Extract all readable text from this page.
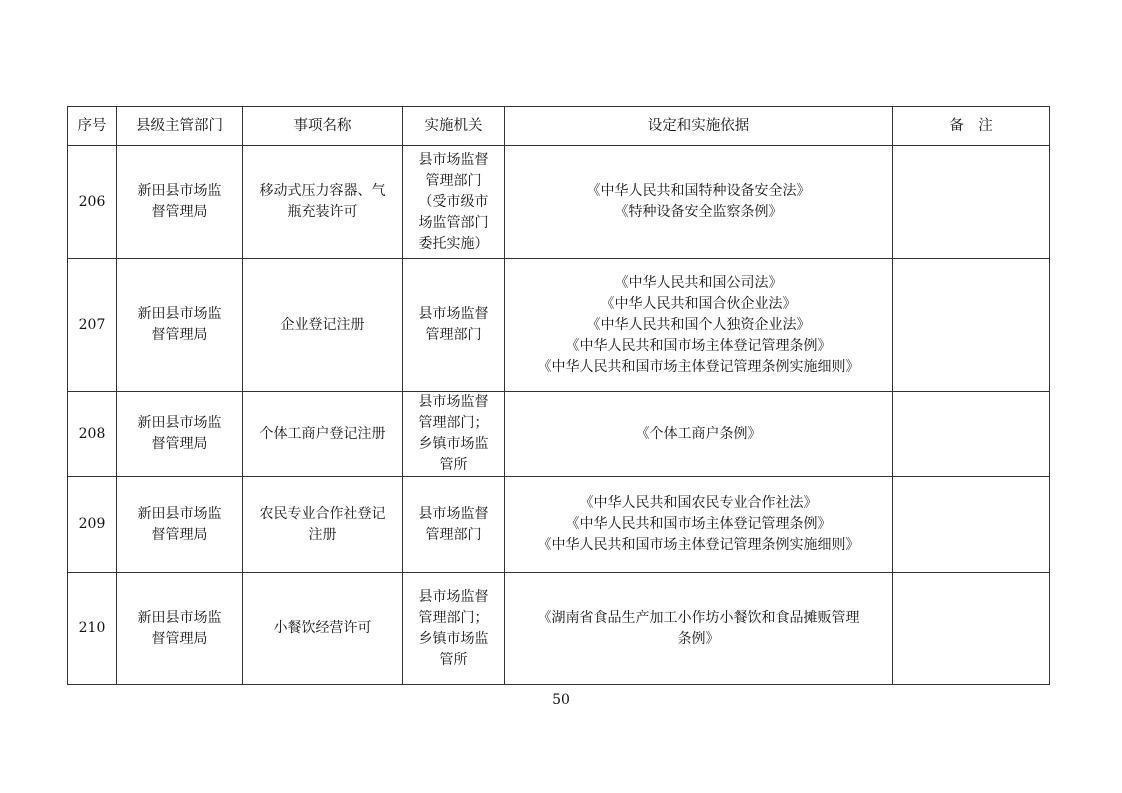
序号	县级主管部门	事项名称	实施机关	设定和实施依据	备　注
206	新田县市场监
督管理局	移动式压力容器、气
瓶充装许可	县市场监督
管理部门
（受市级市
场监管部门
委托实施）	《中华人民共和国特种设备安全法》
《特种设备安全监察条例》	

207	新田县市场监
督管理局	企业登记注册	县市场监督
管理部门	《中华人民共和国公司法》
《中华人民共和国合伙企业法》
《中华人民共和国个人独资企业法》
《中华人民共和国市场主体登记管理条例》
《中华人民共和国市场主体登记管理条例实施细则》	

208	新田县市场监
督管理局	个体工商户登记注册	县市场监督
管理部门；
乡镇市场监
管所	《个体工商户条例》	

209	新田县市场监
督管理局	农民专业合作社登记
注册	县市场监督
管理部门	《中华人民共和国农民专业合作社法》
《中华人民共和国市场主体登记管理条例》
《中华人民共和国市场主体登记管理条例实施细则》	

210	新田县市场监
督管理局	小餐饮经营许可	县市场监督
管理部门；
乡镇市场监
管所	《湖南省食品生产加工小作坊小餐饮和食品摊贩管理
条例》	

50
